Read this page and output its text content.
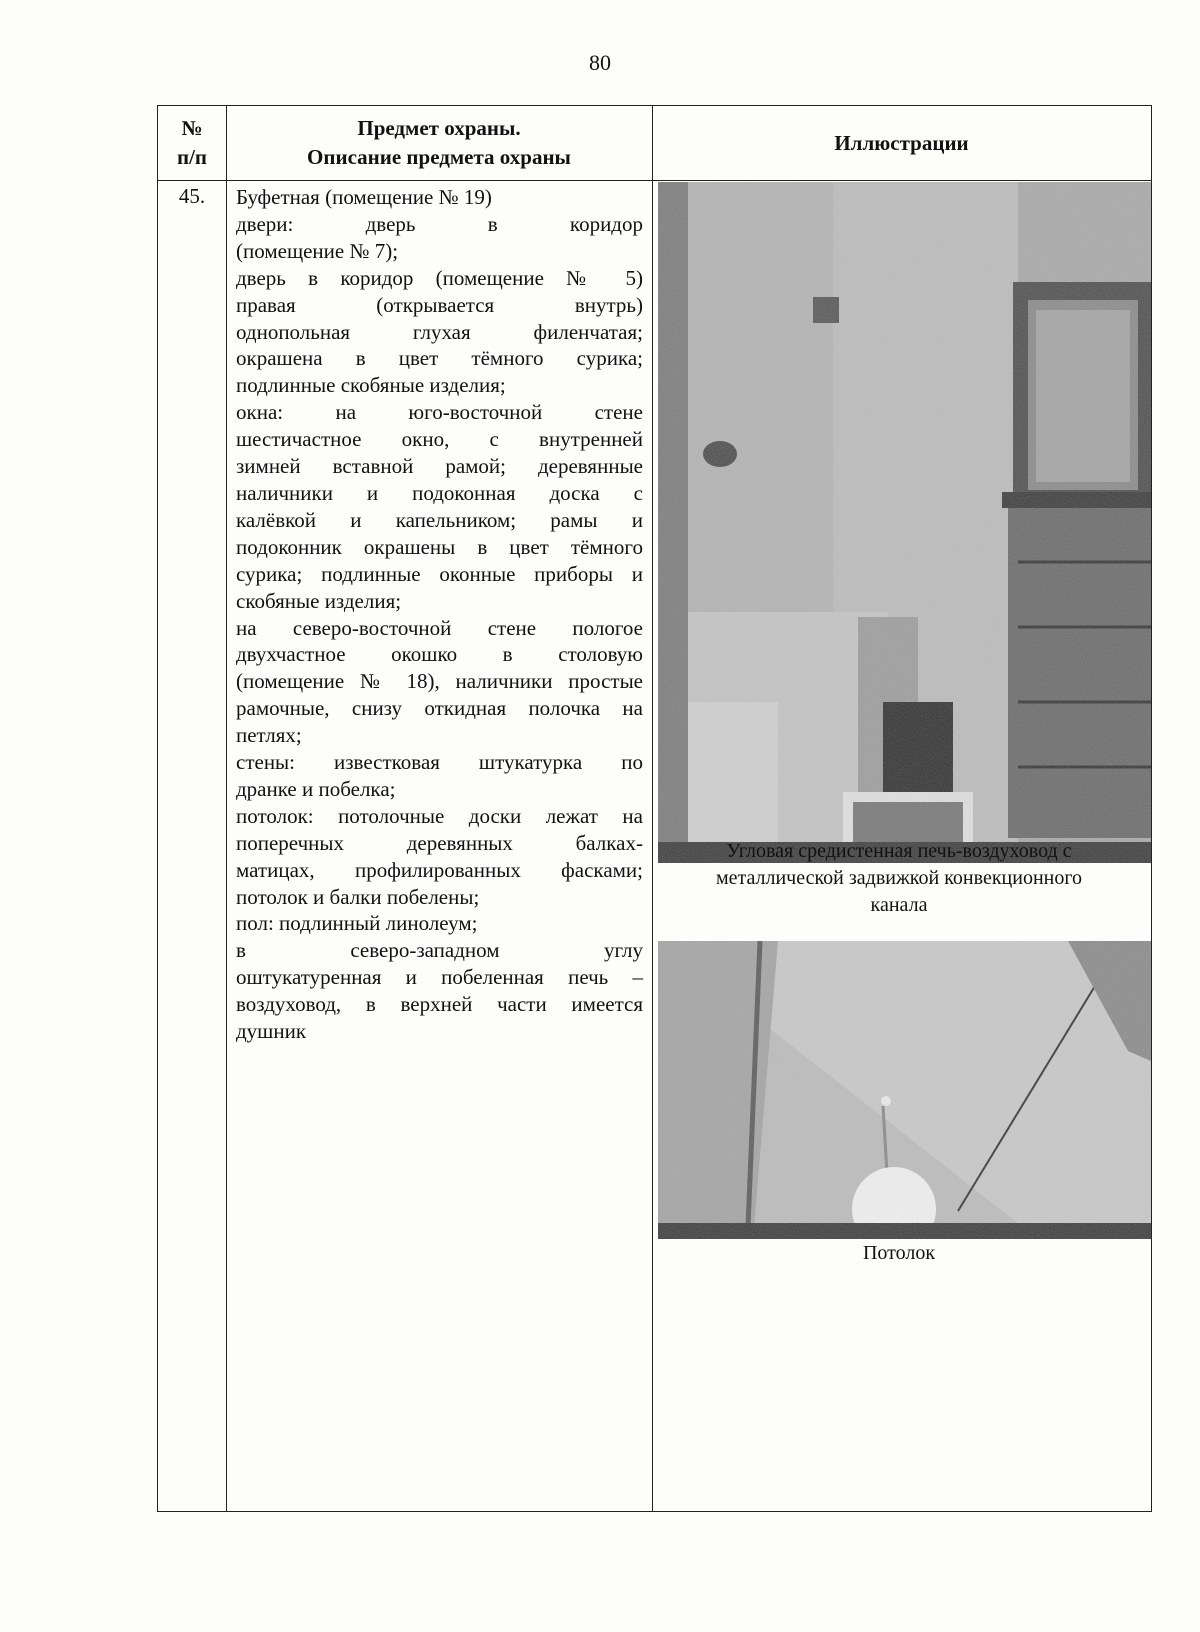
80
№
п/п
Предмет охраны.
Описание предмета охраны
Иллюстрации
45.	Буфетная (помещение № 19)

двери: дверь в коридор

(помещение № 7);

дверь в коридор (помещение № 5)

правая (открывается внутрь)

однопольная глухая филенчатая;

окрашена в цвет тёмного сурика;

подлинные скобяные изделия;

окна: на юго-восточной стене

шестичастное окно, с внутренней

зимней вставной рамой; деревянные

наличники и подоконная доска с

калёвкой и капельником; рамы и

подоконник окрашены в цвет тёмного

сурика; подлинные оконные приборы и

скобяные изделия;

на северо-восточной стене пологое

двухчастное окошко в столовую

(помещение № 18), наличники простые

рамочные, снизу откидная полочка на

петлях;

стены: известковая штукатурка по

дранке и побелка;

потолок: потолочные доски лежат на

поперечных деревянных балках-

матицах, профилированных фасками;

потолок и балки побелены;

пол: подлинный линолеум;

в северо-западном углу

оштукатуренная и побеленная печь –

воздуховод, в верхней части имеется

душник

Угловая средистенная печь-воздуховод с
металлической задвижкой конвекционного
канала
Потолок
